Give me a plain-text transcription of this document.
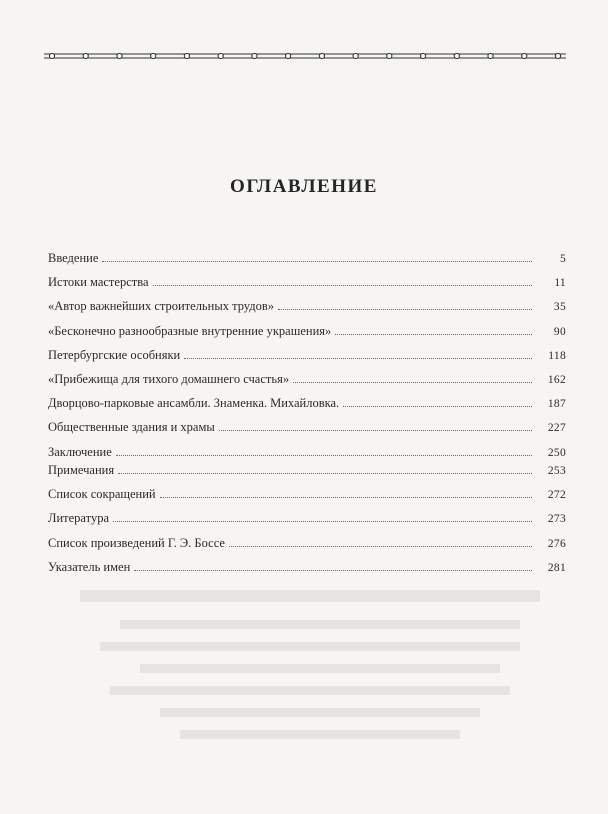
ОГЛАВЛЕНИЕ
Введение	5
Истоки мастерства	11
«Автор важнейших строительных трудов»	35
«Бесконечно разнообразные внутренние украшения»	90
Петербургские особняки	118
«Прибежища для тихого домашнего счастья»	162
Дворцово-парковые ансамбли. Знаменка. Михайловка.	187
Общественные здания и храмы	227
Заключение	250
Примечания	253
Список сокращений	272
Литература	273
Список произведений Г. Э. Боссе	276
Указатель имен	281
